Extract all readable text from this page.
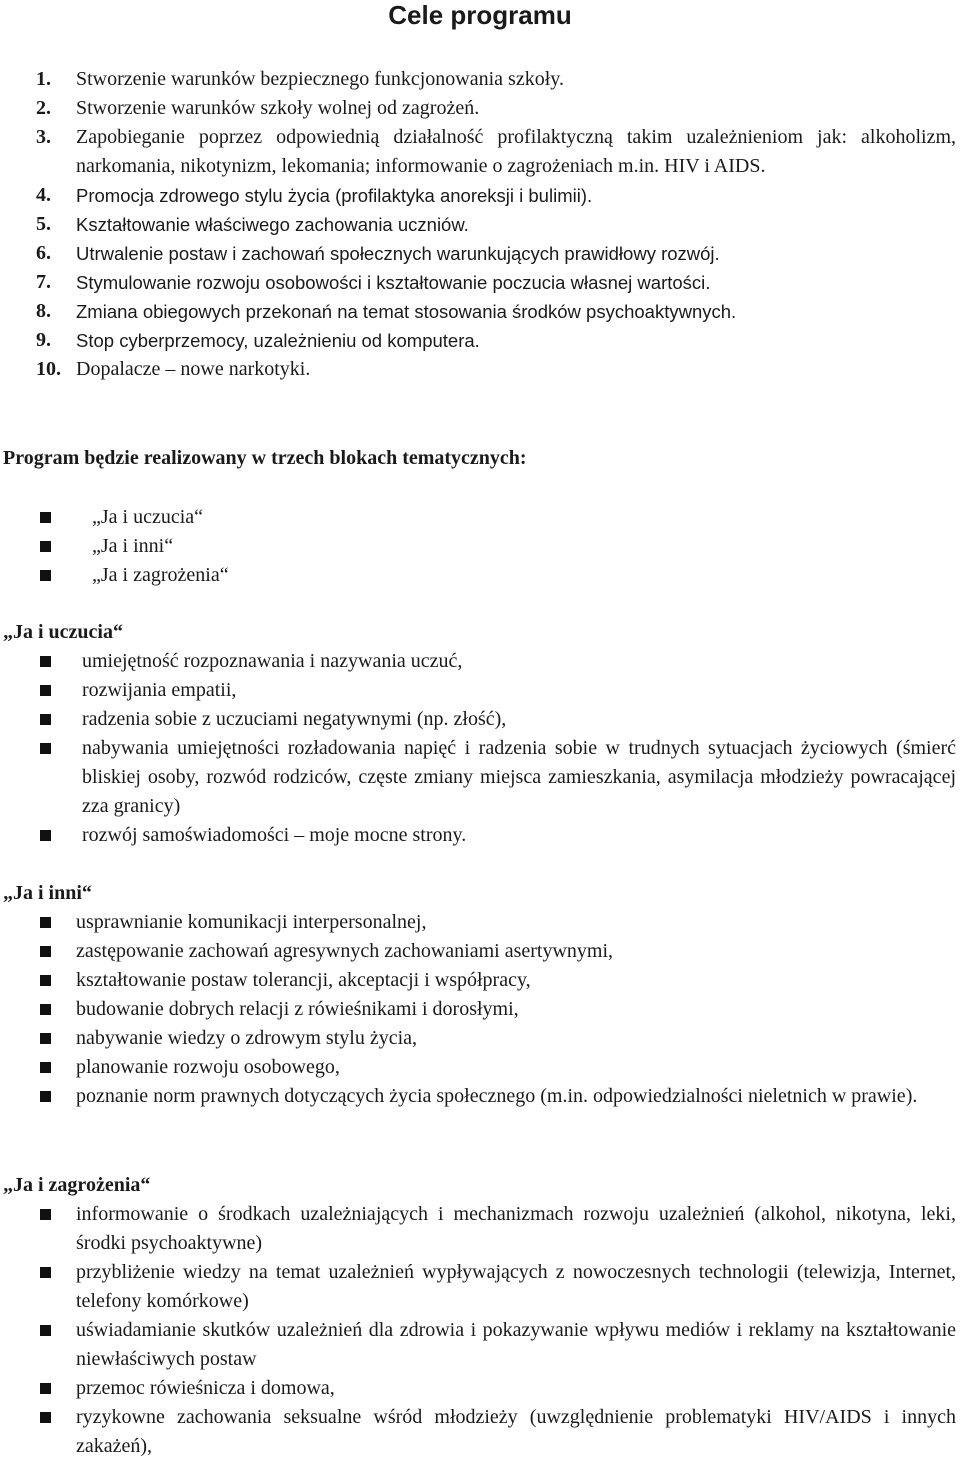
Cele programu
1. Stworzenie warunków bezpiecznego funkcjonowania szkoły.
2. Stworzenie warunków szkoły wolnej od zagrożeń.
3. Zapobieganie poprzez odpowiednią działalność profilaktyczną takim uzależnieniom jak: alkoholizm, narkomania, nikotynizm, lekomania; informowanie o zagrożeniach m.in. HIV i AIDS.
4. Promocja zdrowego stylu życia (profilaktyka anoreksji i bulimii).
5. Kształtowanie właściwego zachowania uczniów.
6. Utrwalenie postaw i zachowań społecznych warunkujących prawidłowy rozwój.
7. Stymulowanie rozwoju osobowości i kształtowanie poczucia własnej wartości.
8. Zmiana obiegowych przekonań na temat stosowania środków psychoaktywnych.
9. Stop cyberprzemocy, uzależnieniu od komputera.
10. Dopalacze – nowe narkotyki.
Program będzie realizowany w trzech blokach tematycznych:
„Ja i uczucia“
„Ja i inni“
„Ja i zagrożenia“
„Ja i uczucia“
umiejętność rozpoznawania i nazywania uczuć,
rozwijania empatii,
radzenia sobie z uczuciami negatywnymi (np. złość),
nabywania umiejętności rozładowania napięć i radzenia sobie w trudnych sytuacjach życiowych (śmierć bliskiej osoby, rozwód rodziców, częste zmiany miejsca zamieszkania, asymilacja młodzieży powracającej zza granicy)
rozwój samoświadomości – moje mocne strony.
„Ja i inni“
usprawnianie komunikacji interpersonalnej,
zastępowanie zachowań agresywnych zachowaniami asertywnymi,
kształtowanie postaw tolerancji, akceptacji i współpracy,
budowanie dobrych relacji z rówieśnikami i dorosłymi,
nabywanie wiedzy o zdrowym stylu życia,
planowanie rozwoju osobowego,
poznanie norm prawnych dotyczących życia społecznego (m.in. odpowiedzialności nieletnich w prawie).
„Ja i zagrożenia“
informowanie o środkach uzależniających i mechanizmach rozwoju uzależnień (alkohol, nikotyna, leki, środki psychoaktywne)
przybliżenie wiedzy na temat uzależnień wypływających z nowoczesnych technologii (telewizja, Internet, telefony komórkowe)
uświadamianie skutków uzależnień dla zdrowia i pokazywanie wpływu mediów i reklamy na kształtowanie niewłaściwych postaw
przemoc rówieśnicza i domowa,
ryzykowne zachowania seksualne wśród młodzieży (uwzględnienie problematyki HIV/AIDS i innych zakażeń),
